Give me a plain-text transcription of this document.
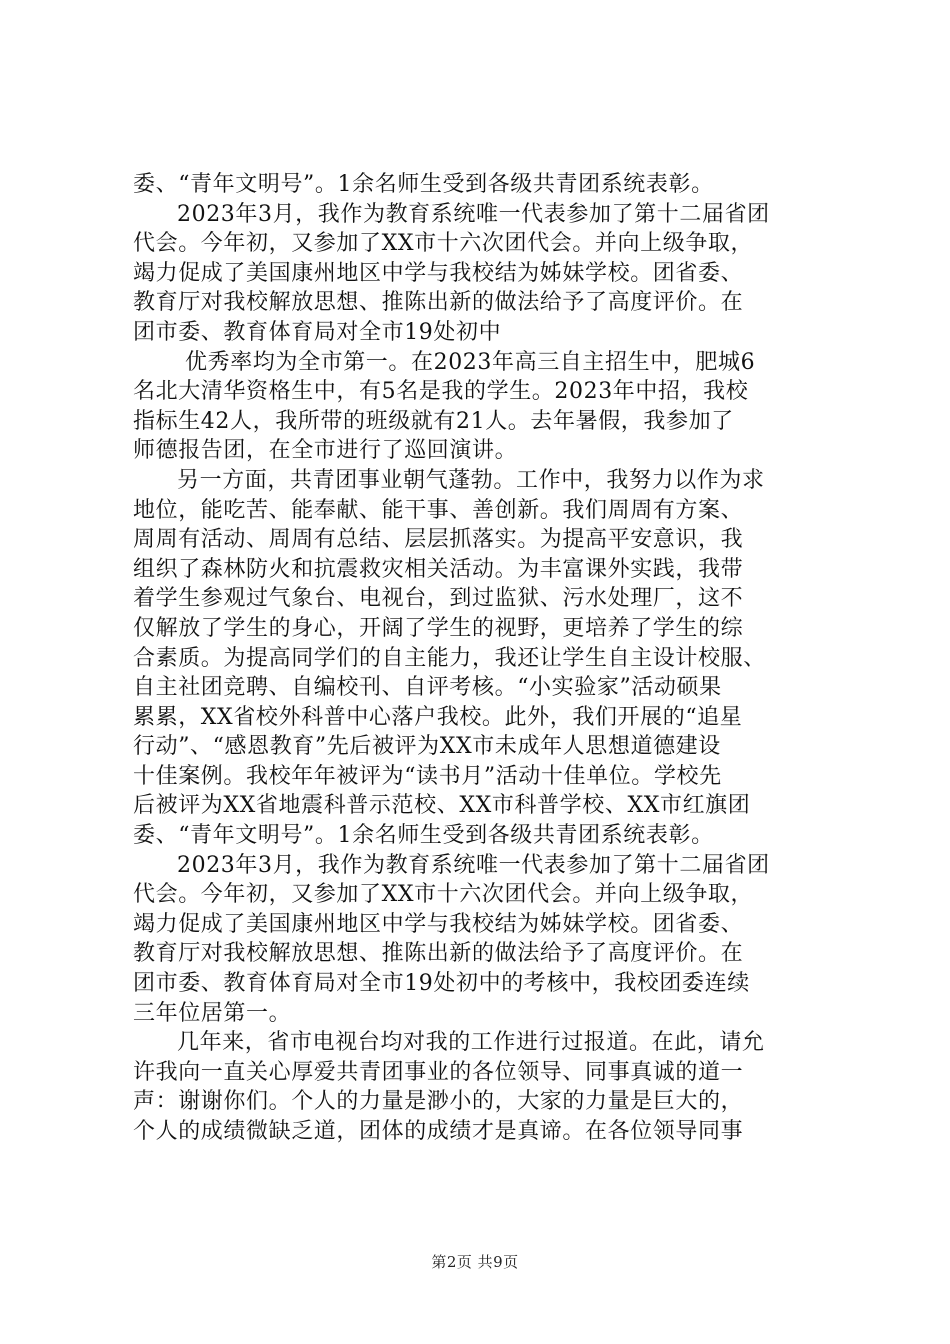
委、“青年文明号”。1余名师生受到各级共青团系统表彰。
2023年3月，我作为教育系统唯一代表参加了第十二届省团
代会。今年初，又参加了XX市十六次团代会。并向上级争取，
竭力促成了美国康州地区中学与我校结为姊妹学校。团省委、
教育厅对我校解放思想、推陈出新的做法给予了高度评价。在
团市委、教育体育局对全市19处初中
优秀率均为全市第一。在2023年高三自主招生中，肥城6
名北大清华资格生中，有5名是我的学生。2023年中招，我校
指标生42人，我所带的班级就有21人。去年暑假，我参加了
师德报告团，在全市进行了巡回演讲。
另一方面，共青团事业朝气蓬勃。工作中，我努力以作为求
地位，能吃苦、能奉献、能干事、善创新。我们周周有方案、
周周有活动、周周有总结、层层抓落实。为提高平安意识，我
组织了森林防火和抗震救灾相关活动。为丰富课外实践，我带
着学生参观过气象台、电视台，到过监狱、污水处理厂，这不
仅解放了学生的身心，开阔了学生的视野，更培养了学生的综
合素质。为提高同学们的自主能力，我还让学生自主设计校服、
自主社团竞聘、自编校刊、自评考核。“小实验家”活动硕果
累累，XX省校外科普中心落户我校。此外，我们开展的“追星
行动”、“感恩教育”先后被评为XX市未成年人思想道德建设
十佳案例。我校年年被评为“读书月”活动十佳单位。学校先
后被评为XX省地震科普示范校、XX市科普学校、XX市红旗团
委、“青年文明号”。1余名师生受到各级共青团系统表彰。
2023年3月，我作为教育系统唯一代表参加了第十二届省团
代会。今年初，又参加了XX市十六次团代会。并向上级争取，
竭力促成了美国康州地区中学与我校结为姊妹学校。团省委、
教育厅对我校解放思想、推陈出新的做法给予了高度评价。在
团市委、教育体育局对全市19处初中的考核中，我校团委连续
三年位居第一。
几年来，省市电视台均对我的工作进行过报道。在此，请允
许我向一直关心厚爱共青团事业的各位领导、同事真诚的道一
声：谢谢你们。个人的力量是渺小的，大家的力量是巨大的，
个人的成绩微缺乏道，团体的成绩才是真谛。在各位领导同事
第2页 共9页
